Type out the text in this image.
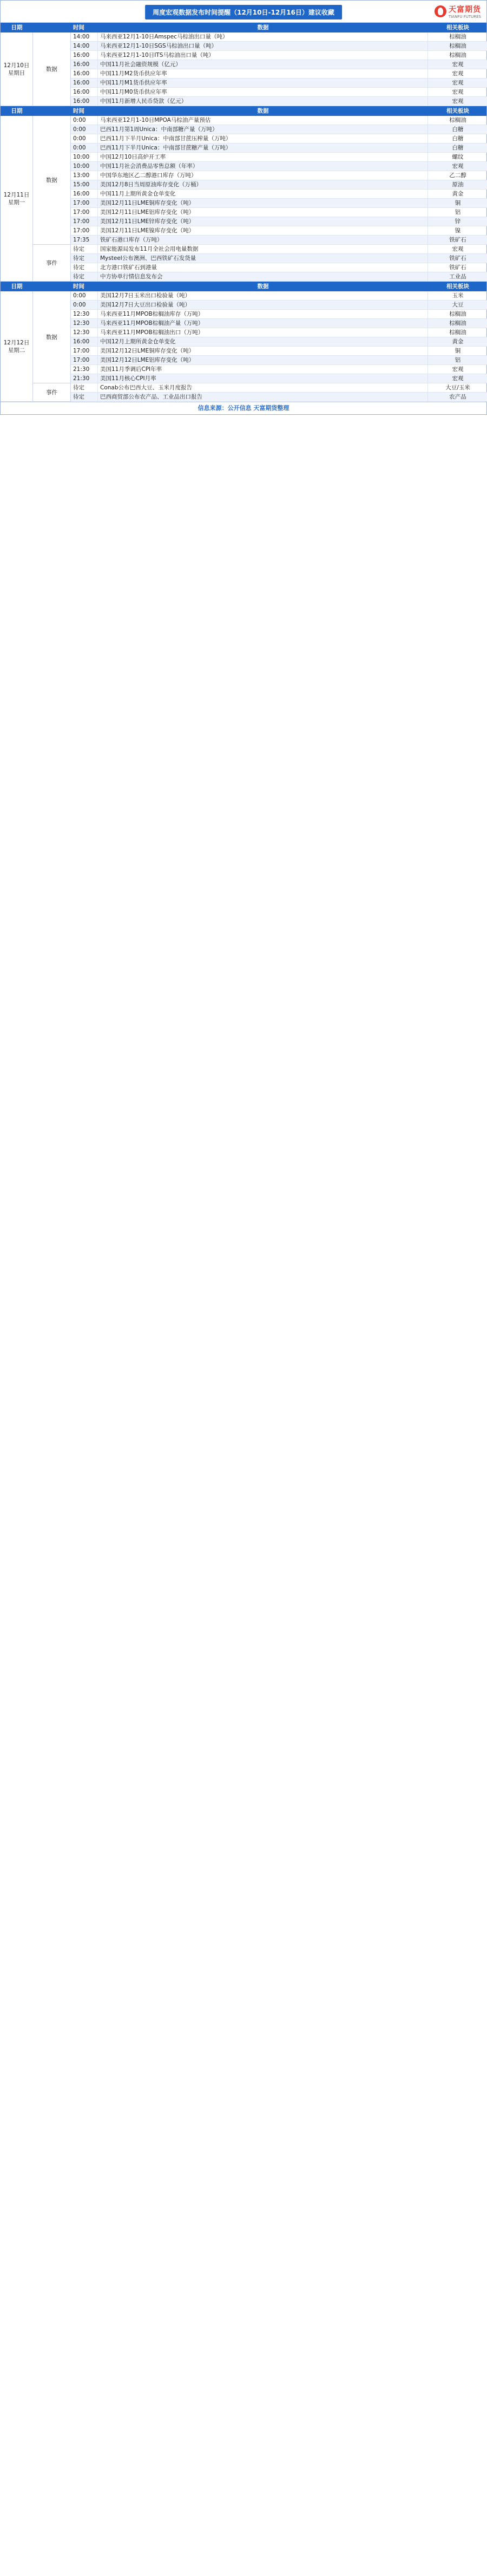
周度宏观数据发布时间提醒（12月10日-12月16日）建议收藏	天富期货
TIANFU FUTURES
日期	时间	数据	相关板块
12月10日
星期日
数据
14:00	马来西亚12月1-10日Amspec马棕油出口量（吨）	棕榈油
14:00	马来西亚12月1-10日SGS马棕油出口量（吨）	棕榈油
16:00	马来西亚12月1-10日ITS马棕油出口量（吨）	棕榈油
16:00	中国11月社会融资规模（亿元）	宏观
16:00	中国11月M2货币供应年率	宏观
16:00	中国11月M1货币供应年率	宏观
16:00	中国11月M0货币供应年率	宏观
16:00	中国11月新增人民币贷款（亿元）	宏观
日期	时间	数据	相关板块
12月11日
星期一
数据
0:00	马来西亚12月1-10日MPOA马棕油产量预估	棕榈油
0:00	巴西11月第1周Unica：中南部糖产量（万吨）	白糖
0:00	巴西11月下半月Unica：中南部甘蔗压榨量（万吨）	白糖
0:00	巴西11月下半月Unica：中南部甘蔗糖产量（万吨）	白糖
10:00	中国12月10日高炉开工率	螺纹
10:00	中国11月社会消费品零售总额（年率）	宏观
13:00	中国华东地区乙二醇港口库存（万吨）	乙二醇
15:00	美国12月8日当周原油库存变化（万桶）	原油
16:00	中国11月上期所黄金仓单变化	黄金
17:00	美国12月11日LME铜库存变化（吨）	铜
17:00	美国12月11日LME铝库存变化（吨）	铝
17:00	美国12月11日LME锌库存变化（吨）	锌
17:00	美国12月11日LME镍库存变化（吨）	镍
17:35	铁矿石港口库存（万吨）	铁矿石
事件
待定	国家能源局发布11月全社会用电量数据	宏观
待定	Mysteel公布澳洲、巴西铁矿石发货量	铁矿石
待定	北方港口铁矿石到港量	铁矿石
待定	中方协单行情信息发布会	工业品
日期	时间	数据	相关板块
12月12日
星期二
数据
0:00	美国12月7日玉米出口检验量（吨）	玉米
0:00	美国12月7日大豆出口检验量（吨）	大豆
12:30	马来西亚11月MPOB棕榈油库存（万吨）	棕榈油
12:30	马来西亚11月MPOB棕榈油产量（万吨）	棕榈油
12:30	马来西亚11月MPOB棕榈油出口（万吨）	棕榈油
16:00	中国12月上期所黄金仓单变化	黄金
17:00	美国12月12日LME铜库存变化（吨）	铜
17:00	美国12月12日LME铝库存变化（吨）	铝
21:30	美国11月季调后CPI年率	宏观
21:30	美国11月核心CPI月率	宏观
事件
待定	Conab公布巴西大豆、玉米月度报告	大豆/玉米
待定	巴西商贸部公布农产品、工业品出口报告	农产品
信息来源：公开信息 天富期货整理
